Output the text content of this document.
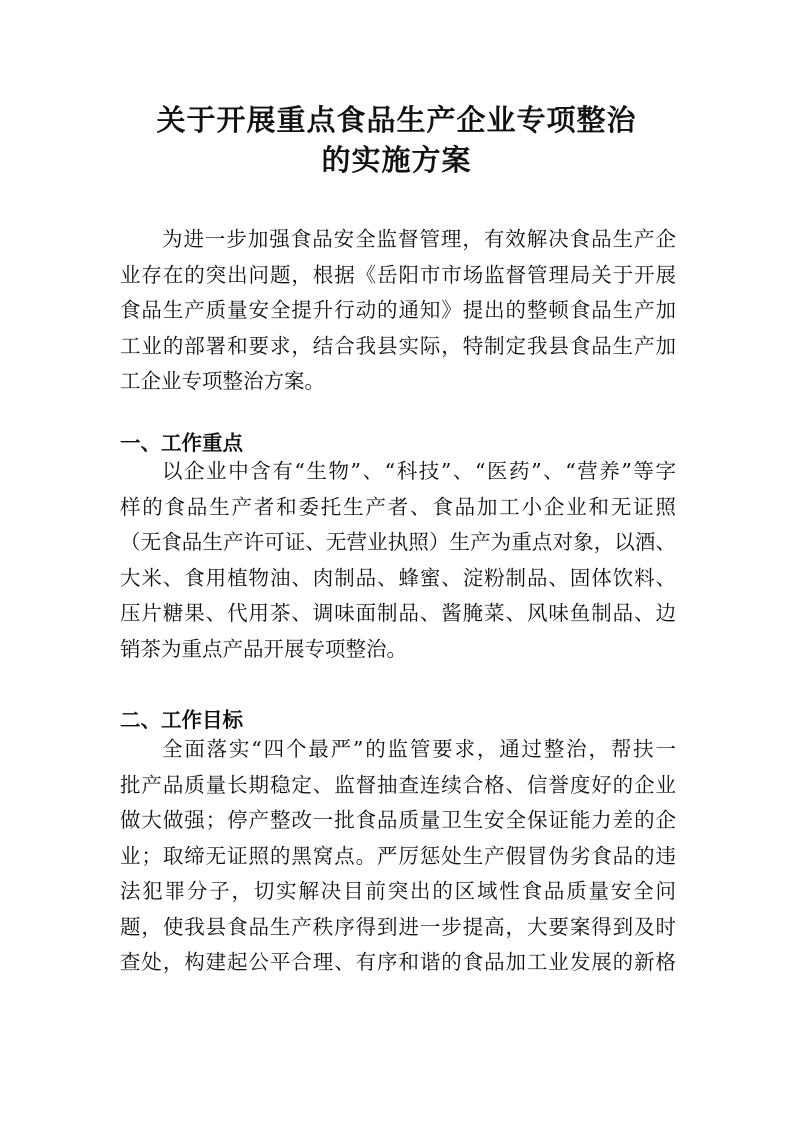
关于开展重点食品生产企业专项整治
的实施方案
为进一步加强食品安全监督管理，有效解决食品生产企
业存在的突出问题，根据《岳阳市市场监督管理局关于开展
食品生产质量安全提升行动的通知》提出的整顿食品生产加
工业的部署和要求，结合我县实际，特制定我县食品生产加
工企业专项整治方案。
一、工作重点
以企业中含有“生物”、“科技”、“医药”、“营养”等字
样的食品生产者和委托生产者、食品加工小企业和无证照
（无食品生产许可证、无营业执照）生产为重点对象，以酒、
大米、食用植物油、肉制品、蜂蜜、淀粉制品、固体饮料、
压片糖果、代用茶、调味面制品、酱腌菜、风味鱼制品、边
销茶为重点产品开展专项整治。
二、工作目标
全面落实“四个最严”的监管要求，通过整治，帮扶一
批产品质量长期稳定、监督抽查连续合格、信誉度好的企业
做大做强；停产整改一批食品质量卫生安全保证能力差的企
业；取缔无证照的黑窝点。严厉惩处生产假冒伪劣食品的违
法犯罪分子，切实解决目前突出的区域性食品质量安全问
题，使我县食品生产秩序得到进一步提高，大要案得到及时
查处，构建起公平合理、有序和谐的食品加工业发展的新格
